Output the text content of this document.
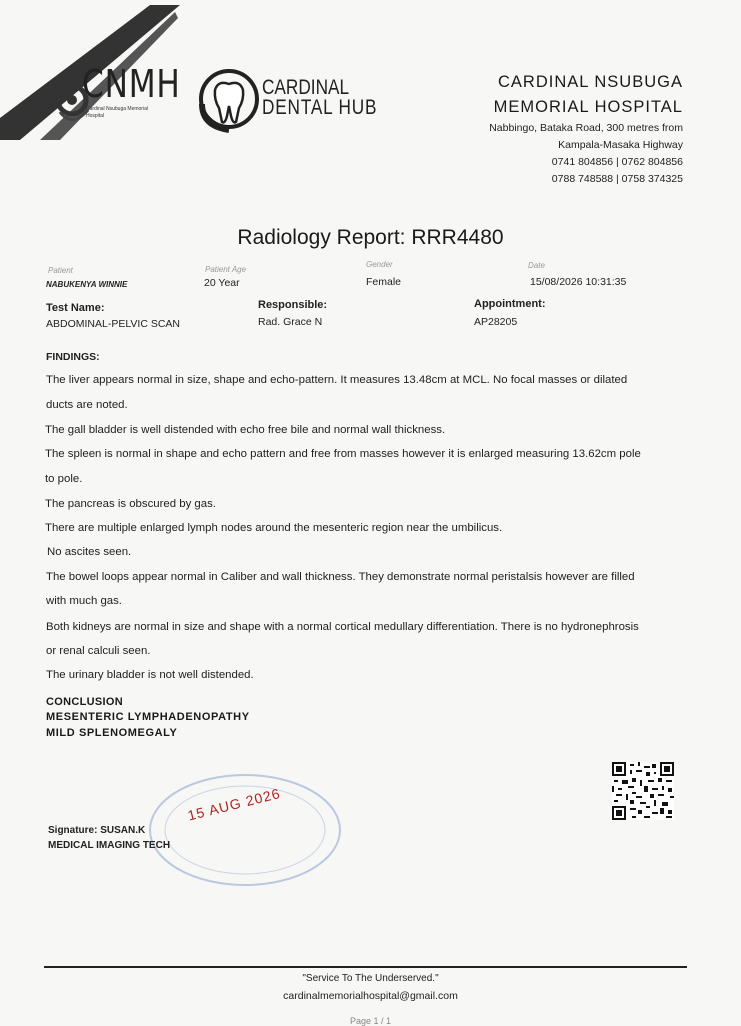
CNMH
Cardinal Nsubuga Memorial Hospital
CARDINAL
DENTAL HUB
CARDINAL NSUBUGA
MEMORIAL HOSPITAL
Nabbingo, Bataka Road, 300 metres from
Kampala-Masaka Highway
0741 804856 | 0762 804856
0788 748588 | 0758 374325
Radiology Report: RRR4480
Patient
NABUKENYA WINNIE
Patient Age
20 Year
Gender
Female
Date
15/08/2026 10:31:35
Test Name:
ABDOMINAL-PELVIC SCAN
Responsible:
Rad. Grace N
Appointment:
AP28205
FINDINGS:
The liver appears normal in size, shape and echo-pattern. It measures 13.48cm at MCL. No focal masses or dilated
ducts are noted.
The gall bladder is well distended with echo free bile and normal wall thickness.
The spleen is normal in shape and echo pattern and free from masses however it is enlarged measuring 13.62cm pole
to pole.
The pancreas is obscured by gas.
There are multiple enlarged lymph nodes around the mesenteric region near the umbilicus.
No ascites seen.
The bowel loops appear normal in Caliber and wall thickness. They demonstrate normal peristalsis however are filled
with much gas.
Both kidneys are normal in size and shape with a normal cortical medullary differentiation. There is no hydronephrosis
or renal calculi seen.
The urinary bladder is not well distended.
CONCLUSION
MESENTERIC LYMPHADENOPATHY
MILD SPLENOMEGALY
15 AUG 2026
Signature: SUSAN.K
MEDICAL IMAGING TECH
"Service To The Underserved."
cardinalmemorialhospital@gmail.com
Page 1 / 1
